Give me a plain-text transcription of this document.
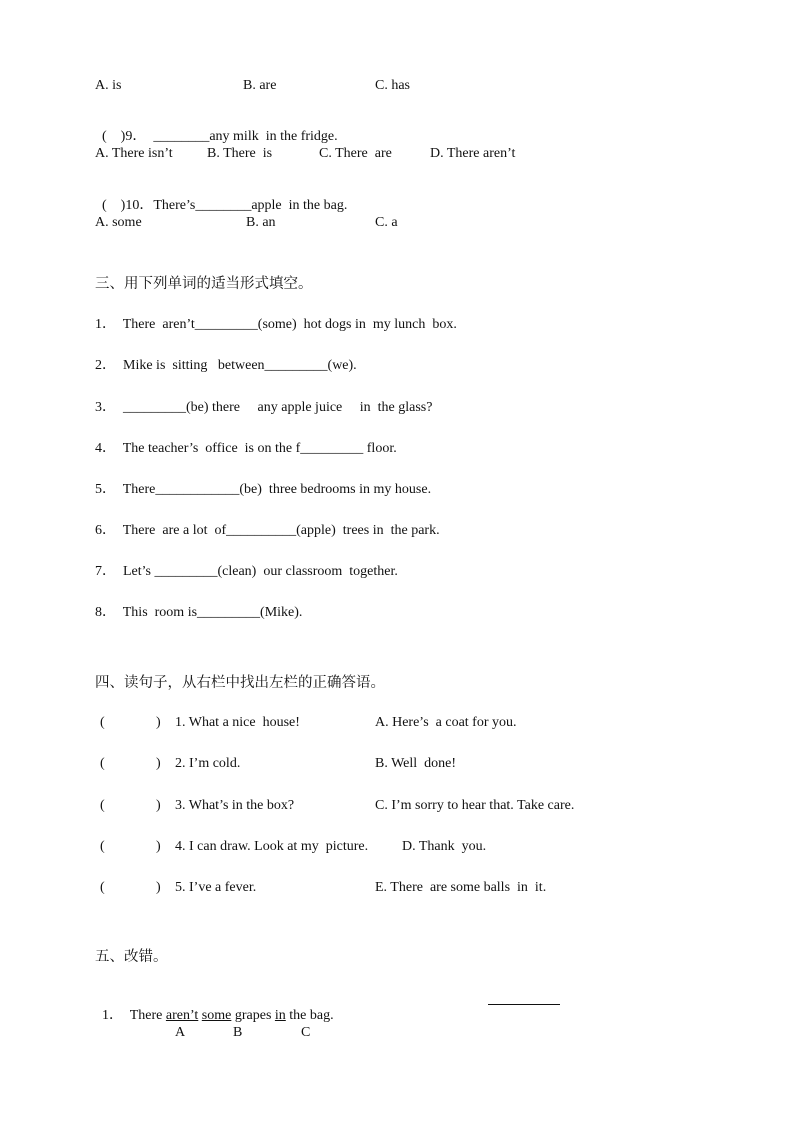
A. is	B. are	C. has

(    )9． ________any milk  in the fridge.

A. There isn’t B. There  is	C. There  are	D. There aren’t

(    )10．There’s________apple  in the bag.

A. some	B. an	C. a
三、用下列单词的适当形式填空。
1． There  aren’t_________(some)  hot dogs in  my lunch  box.
2． Mike is  sitting   between_________(we).
3． _________(be) there     any apple juice     in  the glass?
4． The teacher’s  office  is on the f_________ floor.
5． There____________(be)  three bedrooms in my house.
6． There  are a lot  of__________(apple)  trees in  the park.
7． Let’s _________(clean)  our classroom  together.
8． This  room is_________(Mike).
四、读句子，从右栏中找出左栏的正确答语。
(	) 1. What a nice  house!	A. Here’s  a coat for you.
(	) 2. I’m cold.	B. Well  done!
(	) 3. What’s in the box?	C. I’m sorry to hear that. Take care.
(	) 4. I can draw. Look at my  picture. D. Thank  you.
(	) 5. I’ve a fever.	E. There  are some balls  in  it.
五、改错。

1． There aren’t some grapes in the bag.

A	B	C
